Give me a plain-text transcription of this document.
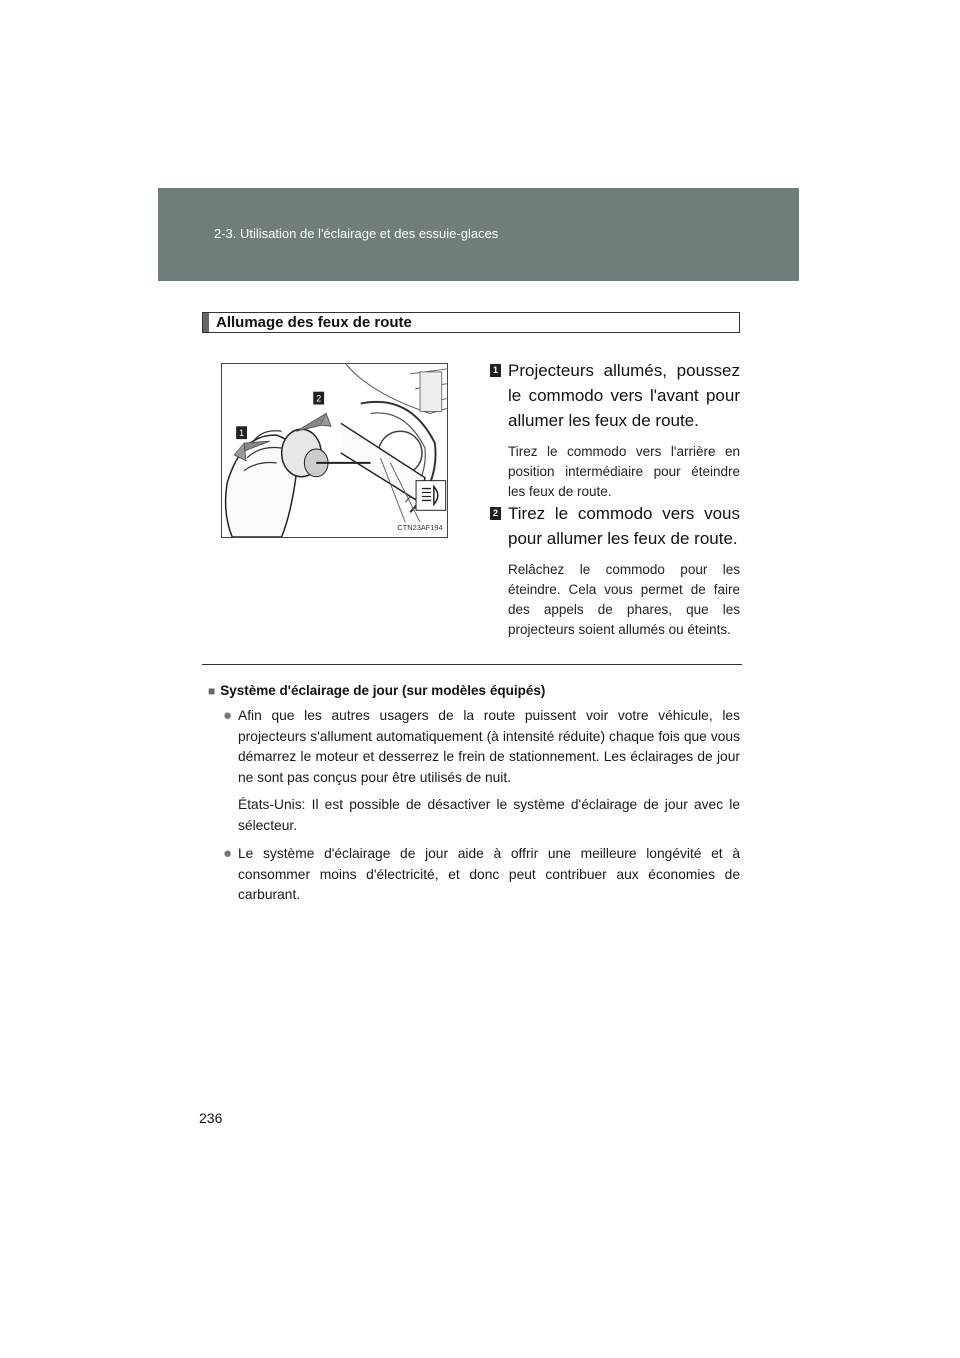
2-3. Utilisation de l'éclairage et des essuie-glaces
Allumage des feux de route
1
2
CTN23AF194
1 Projecteurs allumés, poussez le commodo vers l'avant pour allumer les feux de route.
Tirez le commodo vers l'arrière en position intermédiaire pour éteindre les feux de route.
2 Tirez le commodo vers vous pour allumer les feux de route.
Relâchez le commodo pour les éteindre. Cela vous permet de faire des appels de phares, que les projecteurs soient allumés ou éteints.
■ Système d'éclairage de jour (sur modèles équipés)
● Afin que les autres usagers de la route puissent voir votre véhicule, les projecteurs s'allument automatiquement (à intensité réduite) chaque fois que vous démarrez le moteur et desserrez le frein de stationnement. Les éclairages de jour ne sont pas conçus pour être utilisés de nuit.
États-Unis: Il est possible de désactiver le système d'éclairage de jour avec le sélecteur.
● Le système d'éclairage de jour aide à offrir une meilleure longévité et à consommer moins d'électricité, et donc peut contribuer aux économies de carburant.
236
